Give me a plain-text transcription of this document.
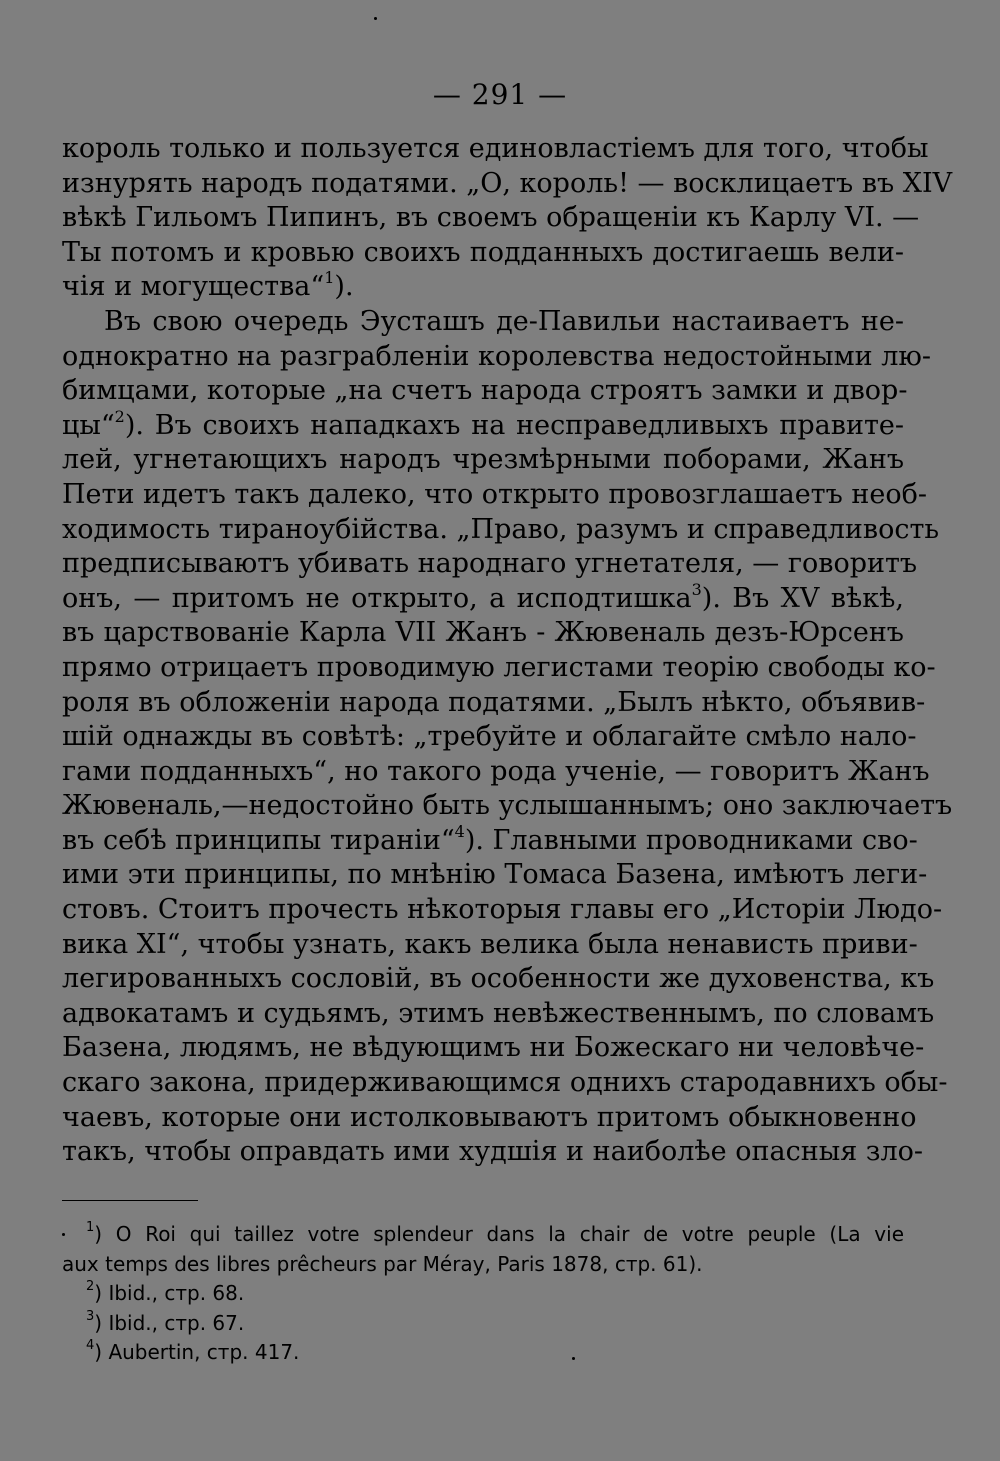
— 291 —
король только и пользуется единовластіемъ для того, чтобы
изнурять народъ податями. „О, король! — восклицаетъ въ XIV
вѣкѣ Гильомъ Пипинъ, въ своемъ обращеніи къ Карлу VI. —
Ты потомъ и кровью своихъ подданныхъ достигаешь вели-
чія и могущества“$^1$).
Въ свою очередь Эусташъ де-Павильи настаиваетъ не-
однократно на разграбленіи королевства недостойными лю-
бимцами, которые „на счетъ народа строятъ замки и двор-
цы“$^2$). Въ своихъ нападкахъ на несправедливыхъ правите-
лей, угнетающихъ народъ чрезмѣрными поборами, Жанъ
Пети идетъ такъ далеко, что открыто провозглашаетъ необ-
ходимость тираноубійства. „Право, разумъ и справедливость
предписываютъ убивать народнаго угнетателя, — говоритъ
онъ, — притомъ не открыто, а исподтишка$^3$). Въ XV вѣкѣ,
въ царствованіе Карла VII Жанъ - Жювеналь дезъ-Юрсенъ
прямо отрицаетъ проводимую легистами теорію свободы ко-
роля въ обложеніи народа податями. „Былъ нѣкто, объявив-
шій однажды въ совѣтѣ: „требуйте и облагайте смѣло нало-
гами подданныхъ“, но такого рода ученіе, — говоритъ Жанъ
Жювеналь,—недостойно быть услышаннымъ; оно заключаетъ
въ себѣ принципы тираніи“$^4$). Главными проводниками сво-
ими эти принципы, по мнѣнію Томаса Базена, имѣютъ леги-
стовъ. Стоитъ прочесть нѣкоторыя главы его „Исторіи Людо-
вика XI“, чтобы узнать, какъ велика была ненависть приви-
легированныхъ сословій, въ особенности же духовенства, къ
адвокатамъ и судьямъ, этимъ невѣжественнымъ, по словамъ
Базена, людямъ, не вѣдующимъ ни Божескаго ни человѣче-
скаго закона, придерживающимся однихъ стародавнихъ обы-
чаевъ, которые они истолковываютъ притомъ обыкновенно
такъ, чтобы оправдать ими худшія и наиболѣе опасныя зло-
$^1$) O Roi qui taillez votre splendeur dans la chair de votre peuple (La vie
aux temps des libres prêcheurs par Méray, Paris 1878, стр. 61).
$^2$) Ibid., стр. 68.
$^3$) Ibid., стр. 67.
$^4$) Aubertin, стр. 417.
